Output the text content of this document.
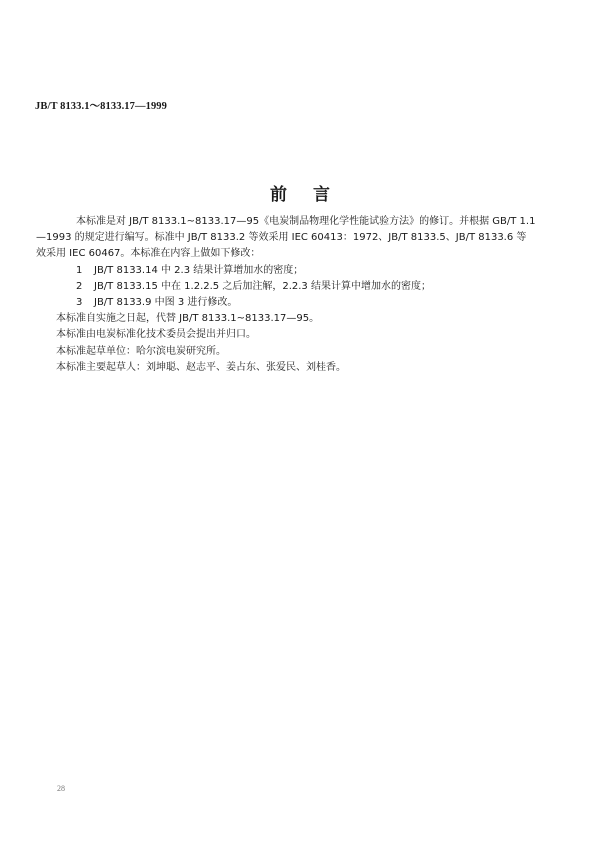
JB/T 8133.1～8133.17—1999
前言

本标准是对 JB/T 8133.1~8133.17—95《电炭制品物理化学性能试验方法》的修订。并根据 GB/T 1.1

—1993 的规定进行编写。标准中 JB/T 8133.2 等效采用 IEC 60413：1972、JB/T 8133.5、JB/T 8133.6 等

效采用 IEC 60467。本标准在内容上做如下修改：

1 JB/T 8133.14 中 2.3 结果计算增加水的密度；

2 JB/T 8133.15 中在 1.2.2.5 之后加注解，2.2.3 结果计算中增加水的密度；

3 JB/T 8133.9 中图 3 进行修改。

本标准自实施之日起，代替 JB/T 8133.1~8133.17—95。

本标准由电炭标准化技术委员会提出并归口。

本标准起草单位：哈尔滨电炭研究所。

本标准主要起草人：刘坤聪、赵志平、姜占东、张爱民、刘桂香。

28
